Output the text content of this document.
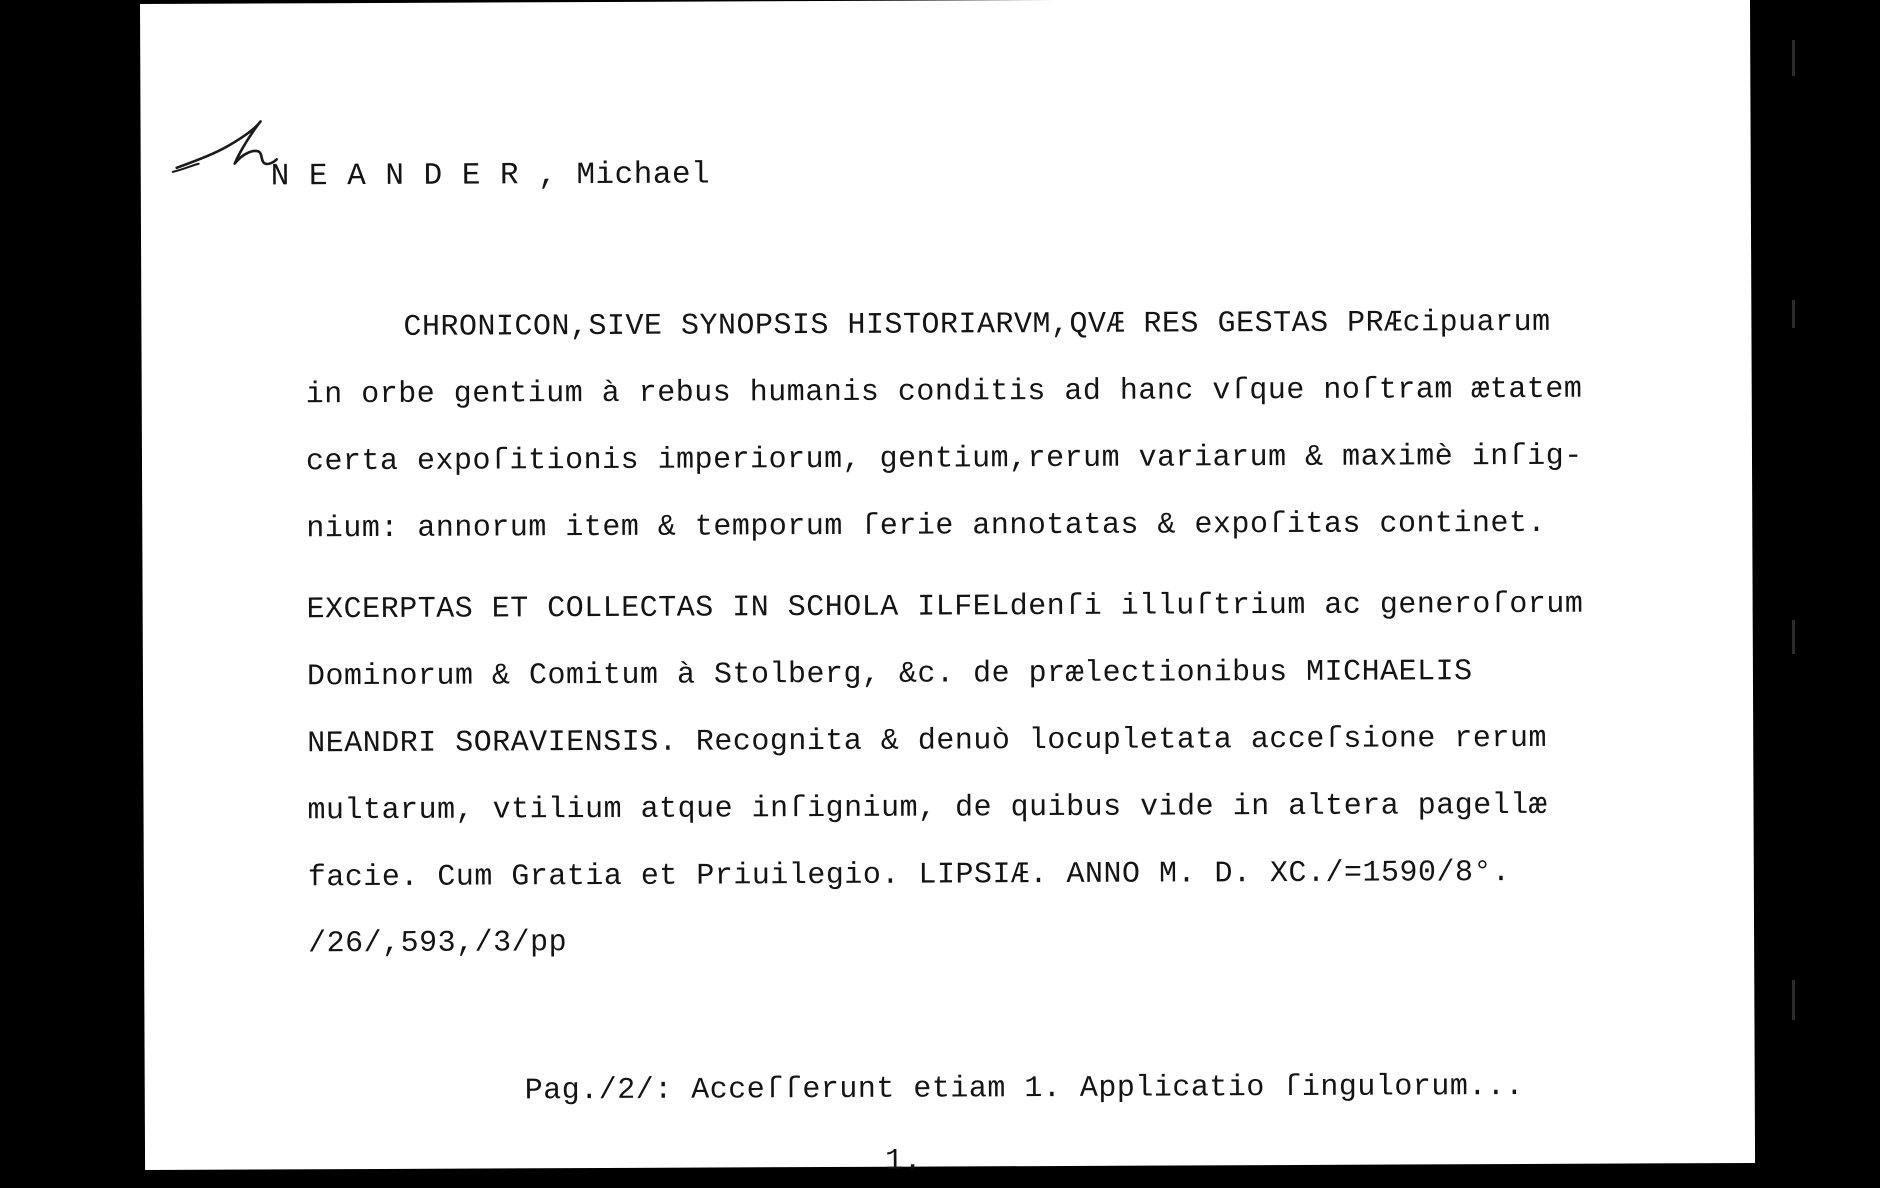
N E A N D E R , Michael
CHRONICON,SIVE SYNOPSIS HISTORIARVM,QVÆ RES GESTAS PRÆcipuarum
in orbe gentium à rebus humanis conditis ad hanc vſque noſtram ætatem
certa expoſitionis imperiorum, gentium,rerum variarum & maximè inſig-
nium: annorum item & temporum ſerie annotatas & expoſitas continet.
EXCERPTAS ET COLLECTAS IN SCHOLA ILFELdenſi illuſtrium ac generoſorum
Dominorum & Comitum à Stolberg, &c. de prælectionibus MICHAELIS
NEANDRI SORAVIENSIS. Recognita & denuò locupletata acceſsione rerum
multarum, vtilium atque inſignium, de quibus vide in altera pagellæ
facie. Cum Gratia et Priuilegio. LIPSIÆ. ANNO M. D. XC./=1590/8°.
/26/,593,/3/pp
Pag./2/: Acceſſerunt etiam 1. Applicatio ſingulorum...
1.
